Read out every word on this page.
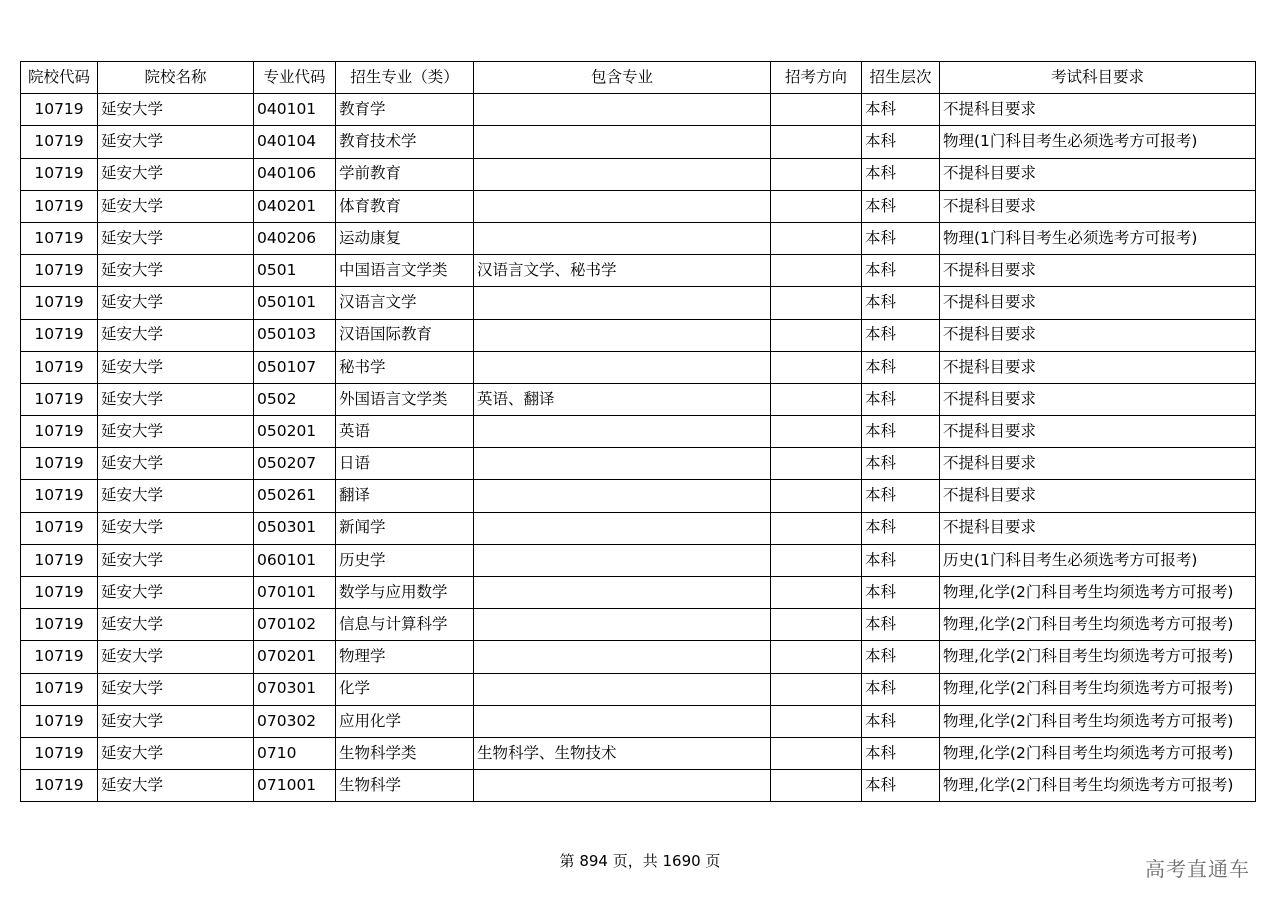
院校代码	院校名称	专业代码	招生专业（类）	包含专业	招考方向	招生层次	考试科目要求
10719	延安大学	040101	教育学			本科	不提科目要求
10719	延安大学	040104	教育技术学			本科	物理(1门科目考生必须选考方可报考)
10719	延安大学	040106	学前教育			本科	不提科目要求
10719	延安大学	040201	体育教育			本科	不提科目要求
10719	延安大学	040206	运动康复			本科	物理(1门科目考生必须选考方可报考)
10719	延安大学	0501	中国语言文学类	汉语言文学、秘书学		本科	不提科目要求
10719	延安大学	050101	汉语言文学			本科	不提科目要求
10719	延安大学	050103	汉语国际教育			本科	不提科目要求
10719	延安大学	050107	秘书学			本科	不提科目要求
10719	延安大学	0502	外国语言文学类	英语、翻译		本科	不提科目要求
10719	延安大学	050201	英语			本科	不提科目要求
10719	延安大学	050207	日语			本科	不提科目要求
10719	延安大学	050261	翻译			本科	不提科目要求
10719	延安大学	050301	新闻学			本科	不提科目要求
10719	延安大学	060101	历史学			本科	历史(1门科目考生必须选考方可报考)
10719	延安大学	070101	数学与应用数学			本科	物理,化学(2门科目考生均须选考方可报考)
10719	延安大学	070102	信息与计算科学			本科	物理,化学(2门科目考生均须选考方可报考)
10719	延安大学	070201	物理学			本科	物理,化学(2门科目考生均须选考方可报考)
10719	延安大学	070301	化学			本科	物理,化学(2门科目考生均须选考方可报考)
10719	延安大学	070302	应用化学			本科	物理,化学(2门科目考生均须选考方可报考)
10719	延安大学	0710	生物科学类	生物科学、生物技术		本科	物理,化学(2门科目考生均须选考方可报考)
10719	延安大学	071001	生物科学			本科	物理,化学(2门科目考生均须选考方可报考)
第 894 页，共 1690 页	高考直通车
